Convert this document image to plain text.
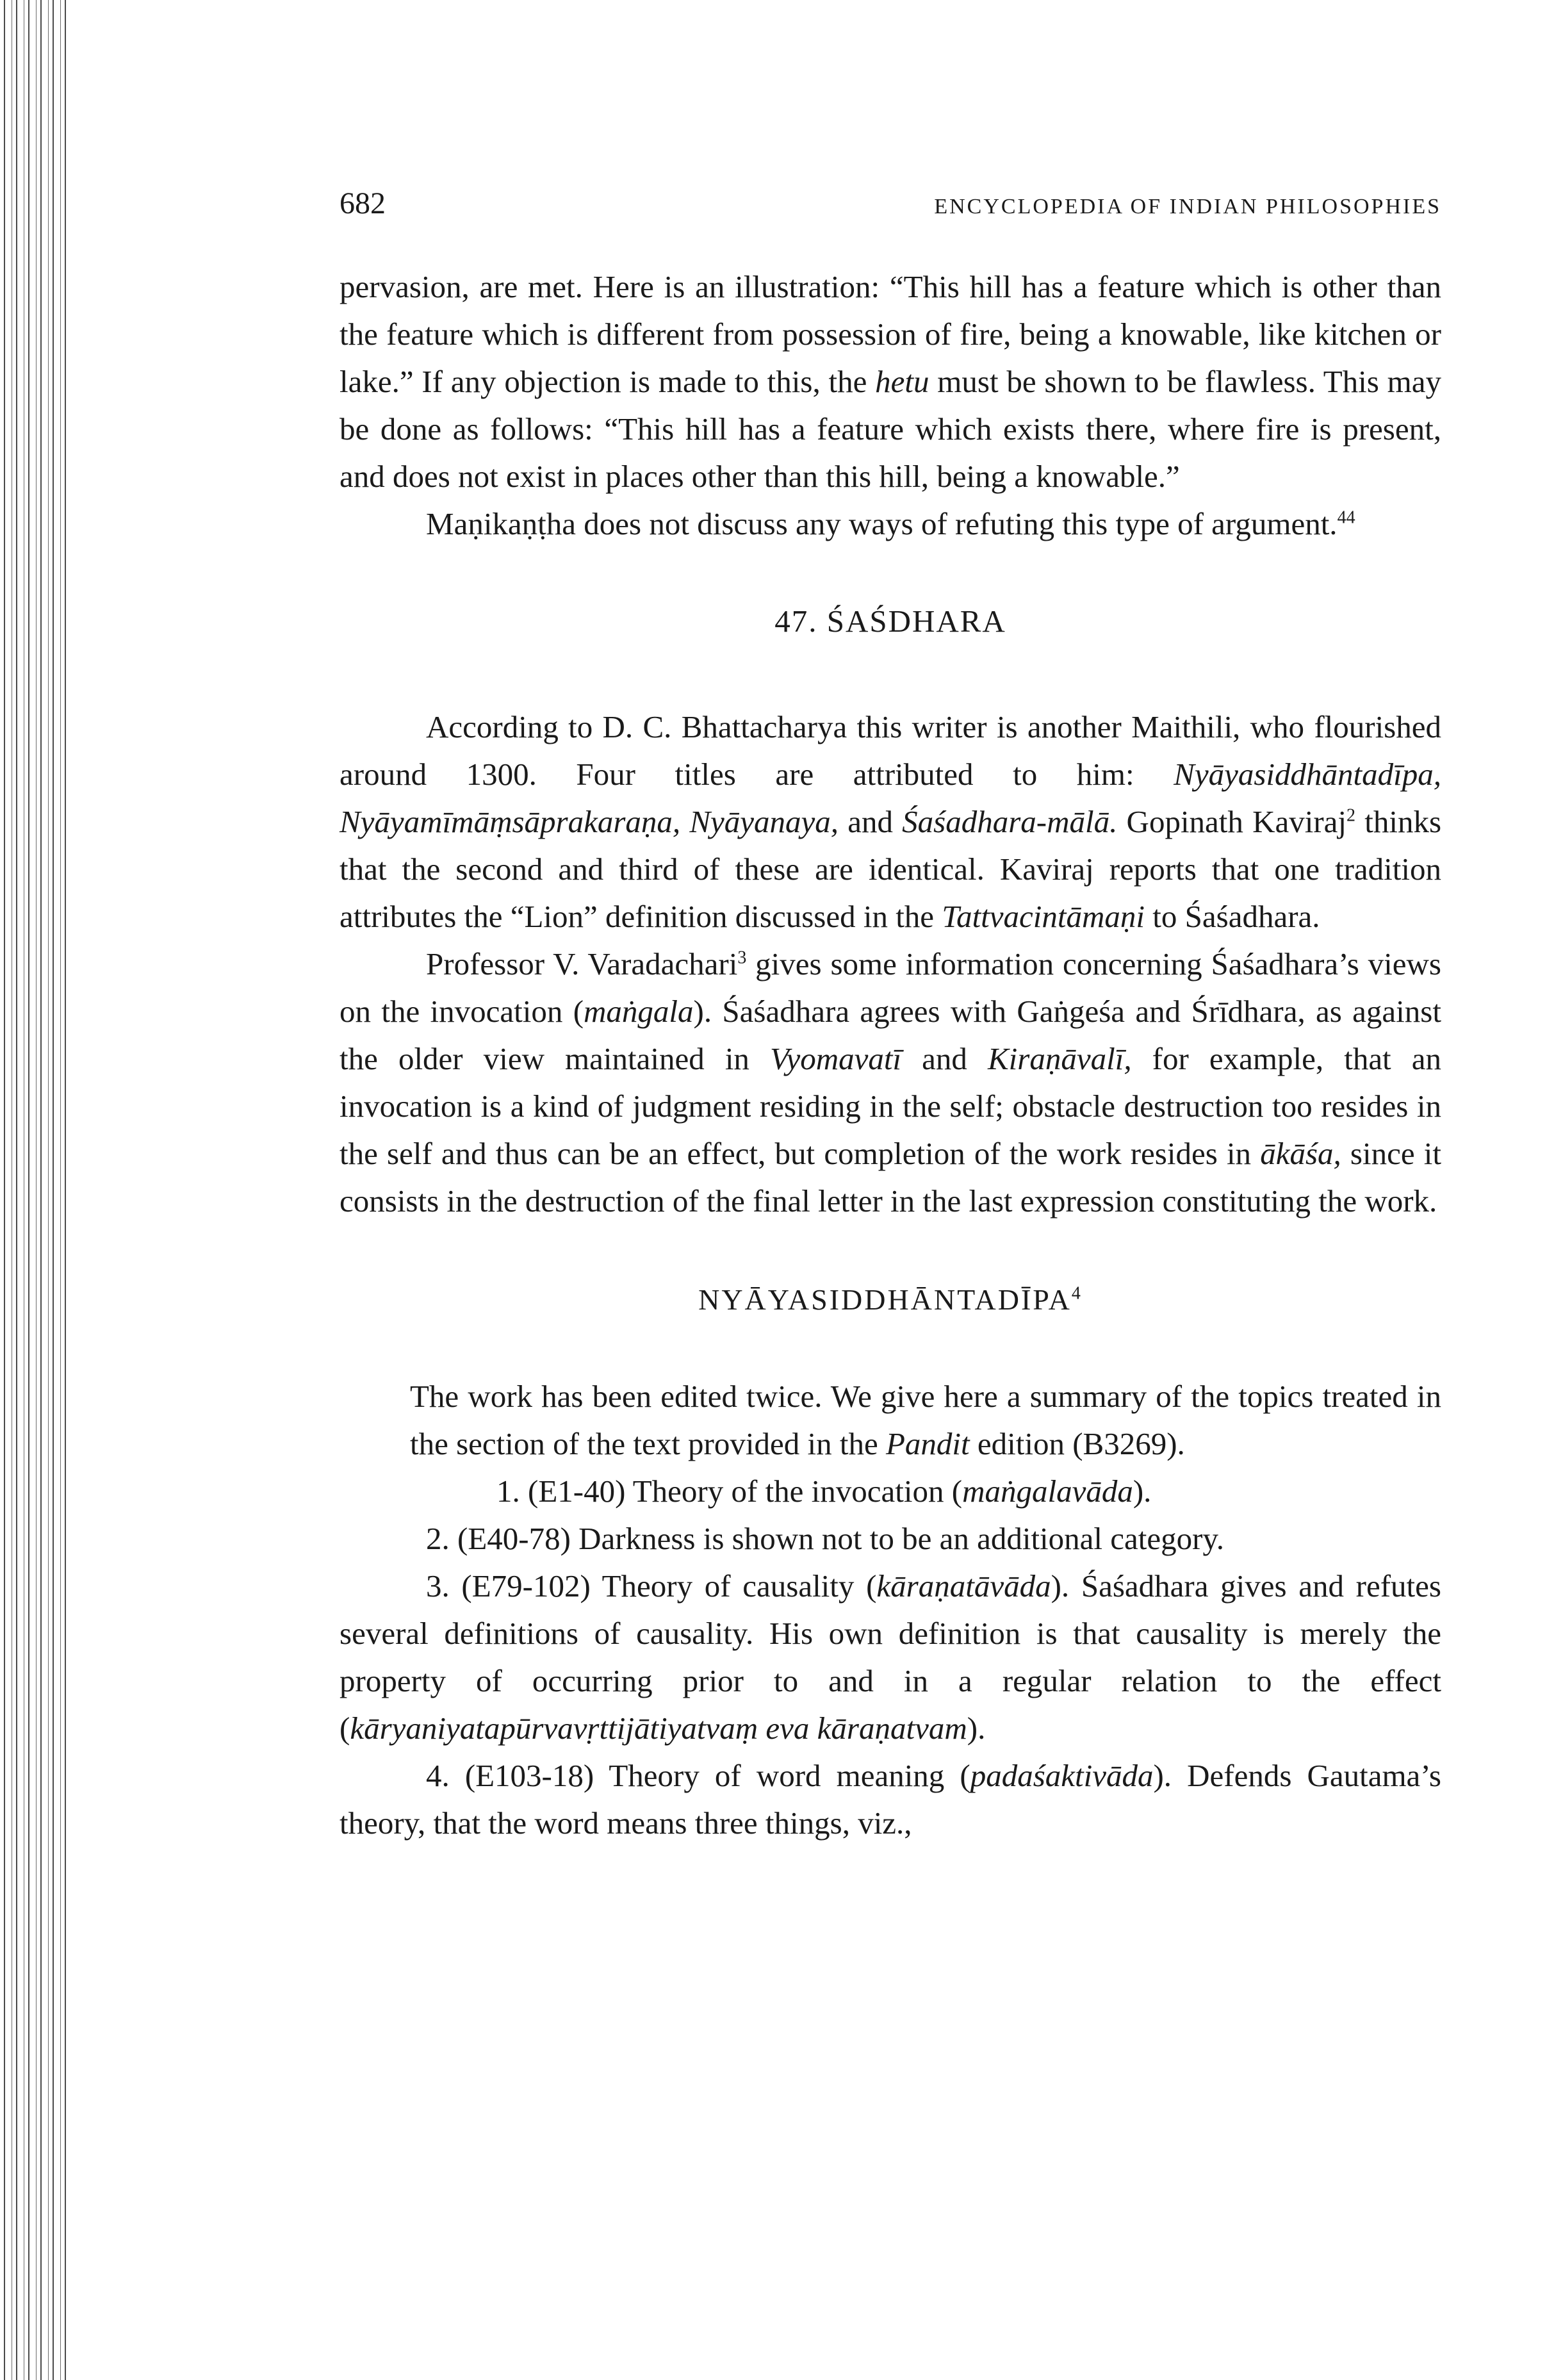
682	ENCYCLOPEDIA OF INDIAN PHILOSOPHIES

pervasion, are met. Here is an illustration: “This hill has a feature which is other than the feature which is different from possession of fire, being a knowable, like kitchen or lake.” If any objection is made to this, the hetu must be shown to be flawless. This may be done as follows: “This hill has a feature which exists there, where fire is present, and does not exist in places other than this hill, being a knowable.”

Maṇikaṇṭha does not discuss any ways of refuting this type of argument.$^{44}$

47. ŚAŚDHARA

According to D. C. Bhattacharya this writer is another Maithili, who flourished around 1300. Four titles are attributed to him: Nyāyasiddhāntadīpa, Nyāyamīmāṃsāprakaraṇa, Nyāyanaya, and Śaśadhara-mālā. Gopinath Kaviraj$^2$ thinks that the second and third of these are identical. Kaviraj reports that one tradition attributes the “Lion” definition discussed in the Tattvacintāmaṇi to Śaśadhara.

Professor V. Varadachari$^3$ gives some information concerning Śaśadhara’s views on the invocation (maṅgala). Śaśadhara agrees with Gaṅgeśa and Śrīdhara, as against the older view maintained in Vyomavatī and Kiraṇāvalī, for example, that an invocation is a kind of judgment residing in the self; obstacle destruction too resides in the self and thus can be an effect, but completion of the work resides in ākāśa, since it consists in the destruction of the final letter in the last expression constituting the work.

NYĀYASIDDHĀNTADĪPA$^4$

The work has been edited twice. We give here a summary of the topics treated in the section of the text provided in the Pandit edition (B3269).

1. (E1-40) Theory of the invocation (maṅgalavāda).

2. (E40-78) Darkness is shown not to be an additional category.

3. (E79-102) Theory of causality (kāraṇatāvāda). Śaśadhara gives and refutes several definitions of causality. His own definition is that causality is merely the property of occurring prior to and in a regular relation to the effect (kāryaniyatapūrvavṛttijātiyatvaṃ eva kāraṇatvam).

4. (E103-18) Theory of word meaning (padaśaktivāda). Defends Gautama’s theory, that the word means three things, viz.,
